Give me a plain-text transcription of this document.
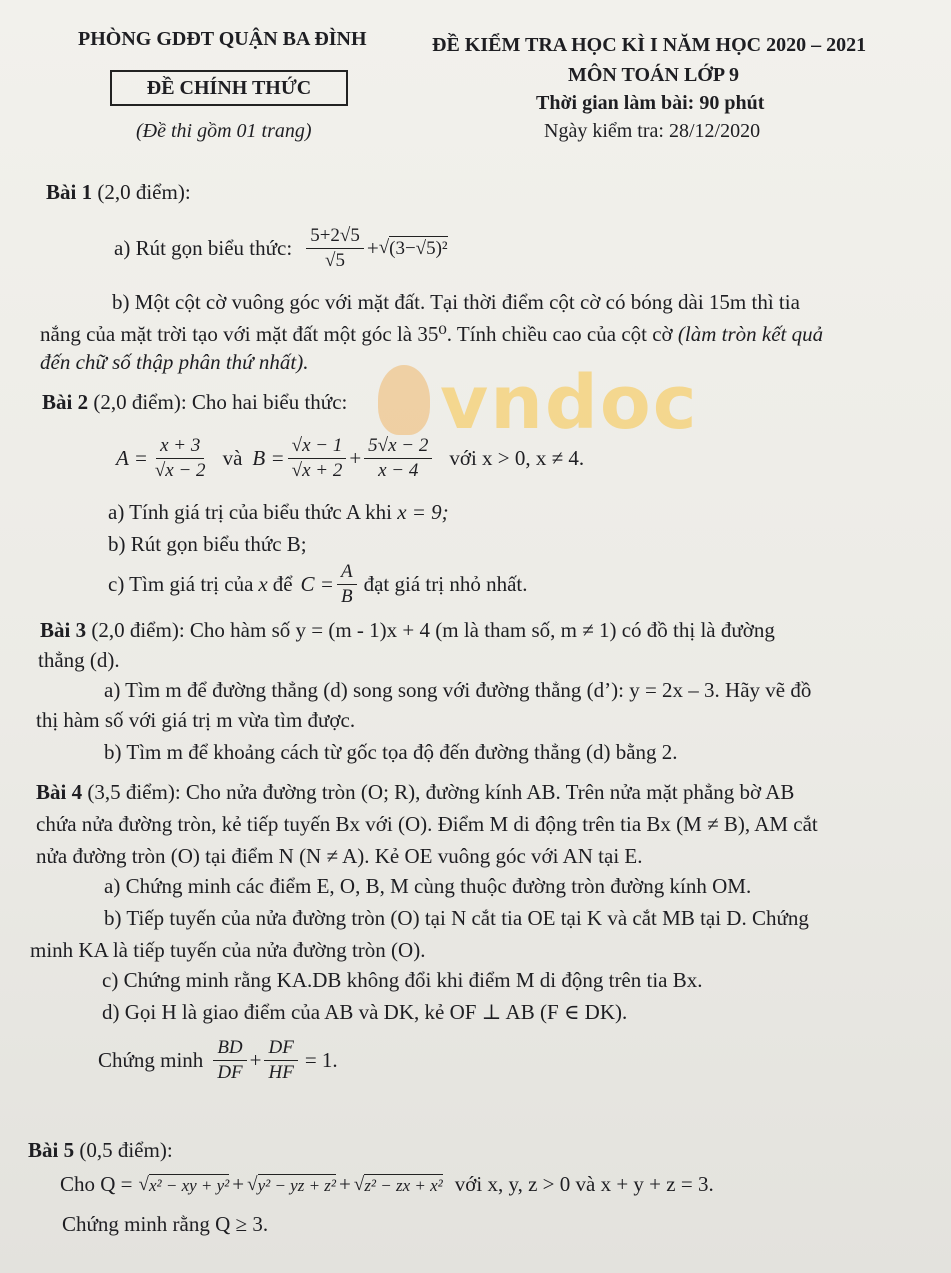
PHÒNG GDĐT QUẬN BA ĐÌNH	ĐỀ KIỂM TRA HỌC KÌ I NĂM HỌC 2020 – 2021
ĐỀ CHÍNH THỨC
MÔN TOÁN LỚP 9
Thời gian làm bài: 90 phút
(Đề thi gồm 01 trang)	Ngày kiểm tra: 28/12/2020
vndoc
Bài 1 (2,0 điểm):
a) Rút gọn biểu thức: $\frac{5+2√5}{√5}$ + √ (3−√5)²
b) Một cột cờ vuông góc với mặt đất. Tại thời điểm cột cờ có bóng dài 15m thì tia
nắng của mặt trời tạo với mặt đất một góc là 35⁰. Tính chiều cao của cột cờ (làm tròn kết quả
đến chữ số thập phân thứ nhất).
Bài 2 (2,0 điểm): Cho hai biểu thức:
$A = \frac{x + 3}{√x - 2}$ và $B = \frac{√x - 1}{√x + 2} + \frac{5√x - 2}{x - 4}$ với x > 0, x ≠ 4.
a) Tính giá trị của biểu thức A khi x = 9;
b) Rút gọn biểu thức B;
c) Tìm giá trị của x để $C = \frac{A}{B}$ đạt giá trị nhỏ nhất.
Bài 3 (2,0 điểm): Cho hàm số y = (m - 1)x + 4 (m là tham số, m ≠ 1) có đồ thị là đường
thẳng (d).
a) Tìm m để đường thẳng (d) song song với đường thẳng (d’): y = 2x – 3. Hãy vẽ đồ
thị hàm số với giá trị m vừa tìm được.
b) Tìm m để khoảng cách từ gốc tọa độ đến đường thẳng (d) bằng 2.
Bài 4 (3,5 điểm): Cho nửa đường tròn (O; R), đường kính AB. Trên nửa mặt phẳng bờ AB
chứa nửa đường tròn, kẻ tiếp tuyến Bx với (O). Điểm M di động trên tia Bx (M ≠ B), AM cắt
nửa đường tròn (O) tại điểm N (N ≠ A). Kẻ OE vuông góc với AN tại E.
a) Chứng minh các điểm E, O, B, M cùng thuộc đường tròn đường kính OM.
b) Tiếp tuyến của nửa đường tròn (O) tại N cắt tia OE tại K và cắt MB tại D. Chứng
minh KA là tiếp tuyến của nửa đường tròn (O).
c) Chứng minh rằng KA.DB không đổi khi điểm M di động trên tia Bx.
d) Gọi H là giao điểm của AB và DK, kẻ OF ⊥ AB (F ∈ DK).
Chứng minh $\frac{BD}{DF} + \frac{DF}{HF} = 1$.
Bài 5 (0,5 điểm):
Cho Q = √ x² − xy + y² + √ y² − yz + z² + √ z² − zx + x² với x, y, z > 0 và x + y + z = 3.
Chứng minh rằng Q ≥ 3.
